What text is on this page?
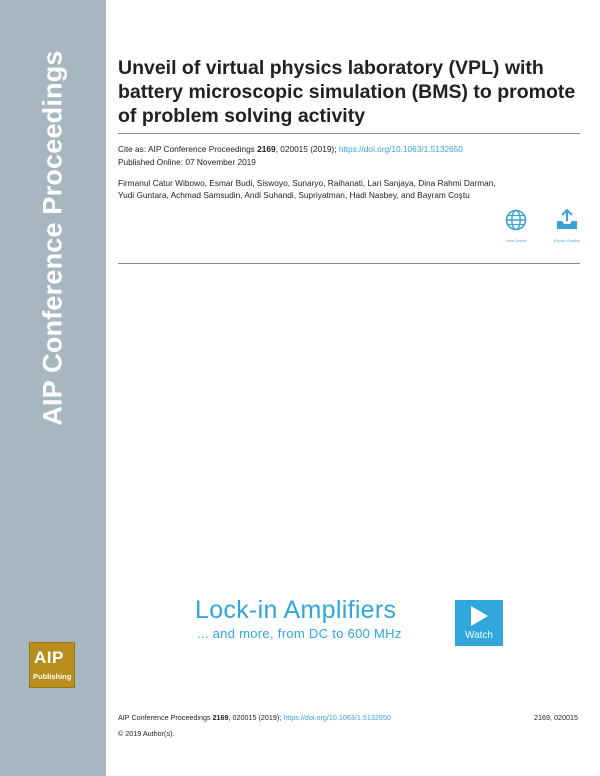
AIP Conference Proceedings
AIP
Publishing
Unveil of virtual physics laboratory (VPL) with battery microscopic simulation (BMS) to promote of problem solving activity
Cite as: AIP Conference Proceedings 2169, 020015 (2019); https://doi.org/10.1063/1.5132650
Published Online: 07 November 2019
Firmanul Catur Wibowo, Esmar Budi, Siswoyo, Sunaryo, Raihanati, Lari Sanjaya, Dina Rahmi Darman,
Yudi Guntara, Achmad Samsudin, Andi Suhandi, Supriyatman, Hadi Nasbey, and Bayram Coştu
View Online	Export Citation
Lock-in Amplifiers
... and more, from DC to 600 MHz	Watch
AIP Conference Proceedings 2169, 020015 (2019); https://doi.org/10.1063/1.5132650	2169, 020015
© 2019 Author(s).
